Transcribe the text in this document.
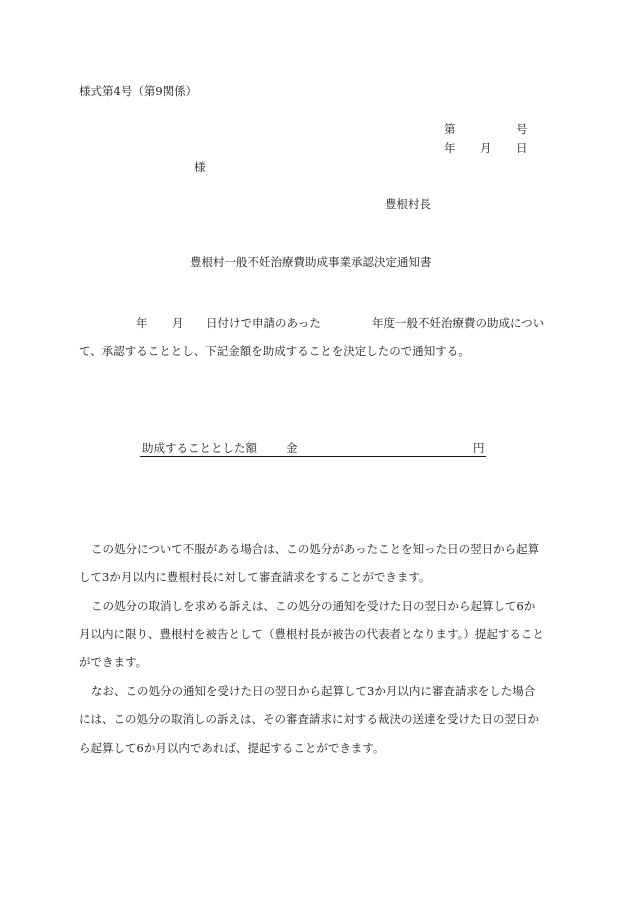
様式第4号（第9関係）
第	号
年 月 日
様
豊根村長
豊根村一般不妊治療費助成事業承認決定通知書
年 月 日付けで申請のあった	年度一般不妊治療費の助成につい
て、承認することとし、下記金額を助成することを決定したので通知する。
助成することとした額	金	円
この処分について不服がある場合は、この処分があったことを知った日の翌日から起算
して3か月以内に豊根村長に対して審査請求をすることができます。
この処分の取消しを求める訴えは、この処分の通知を受けた日の翌日から起算して6か
月以内に限り、豊根村を被告として（豊根村長が被告の代表者となります。）提起すること
ができます。
なお、この処分の通知を受けた日の翌日から起算して3か月以内に審査請求をした場合
には、この処分の取消しの訴えは、その審査請求に対する裁決の送達を受けた日の翌日か
ら起算して6か月以内であれば、提起することができます。
